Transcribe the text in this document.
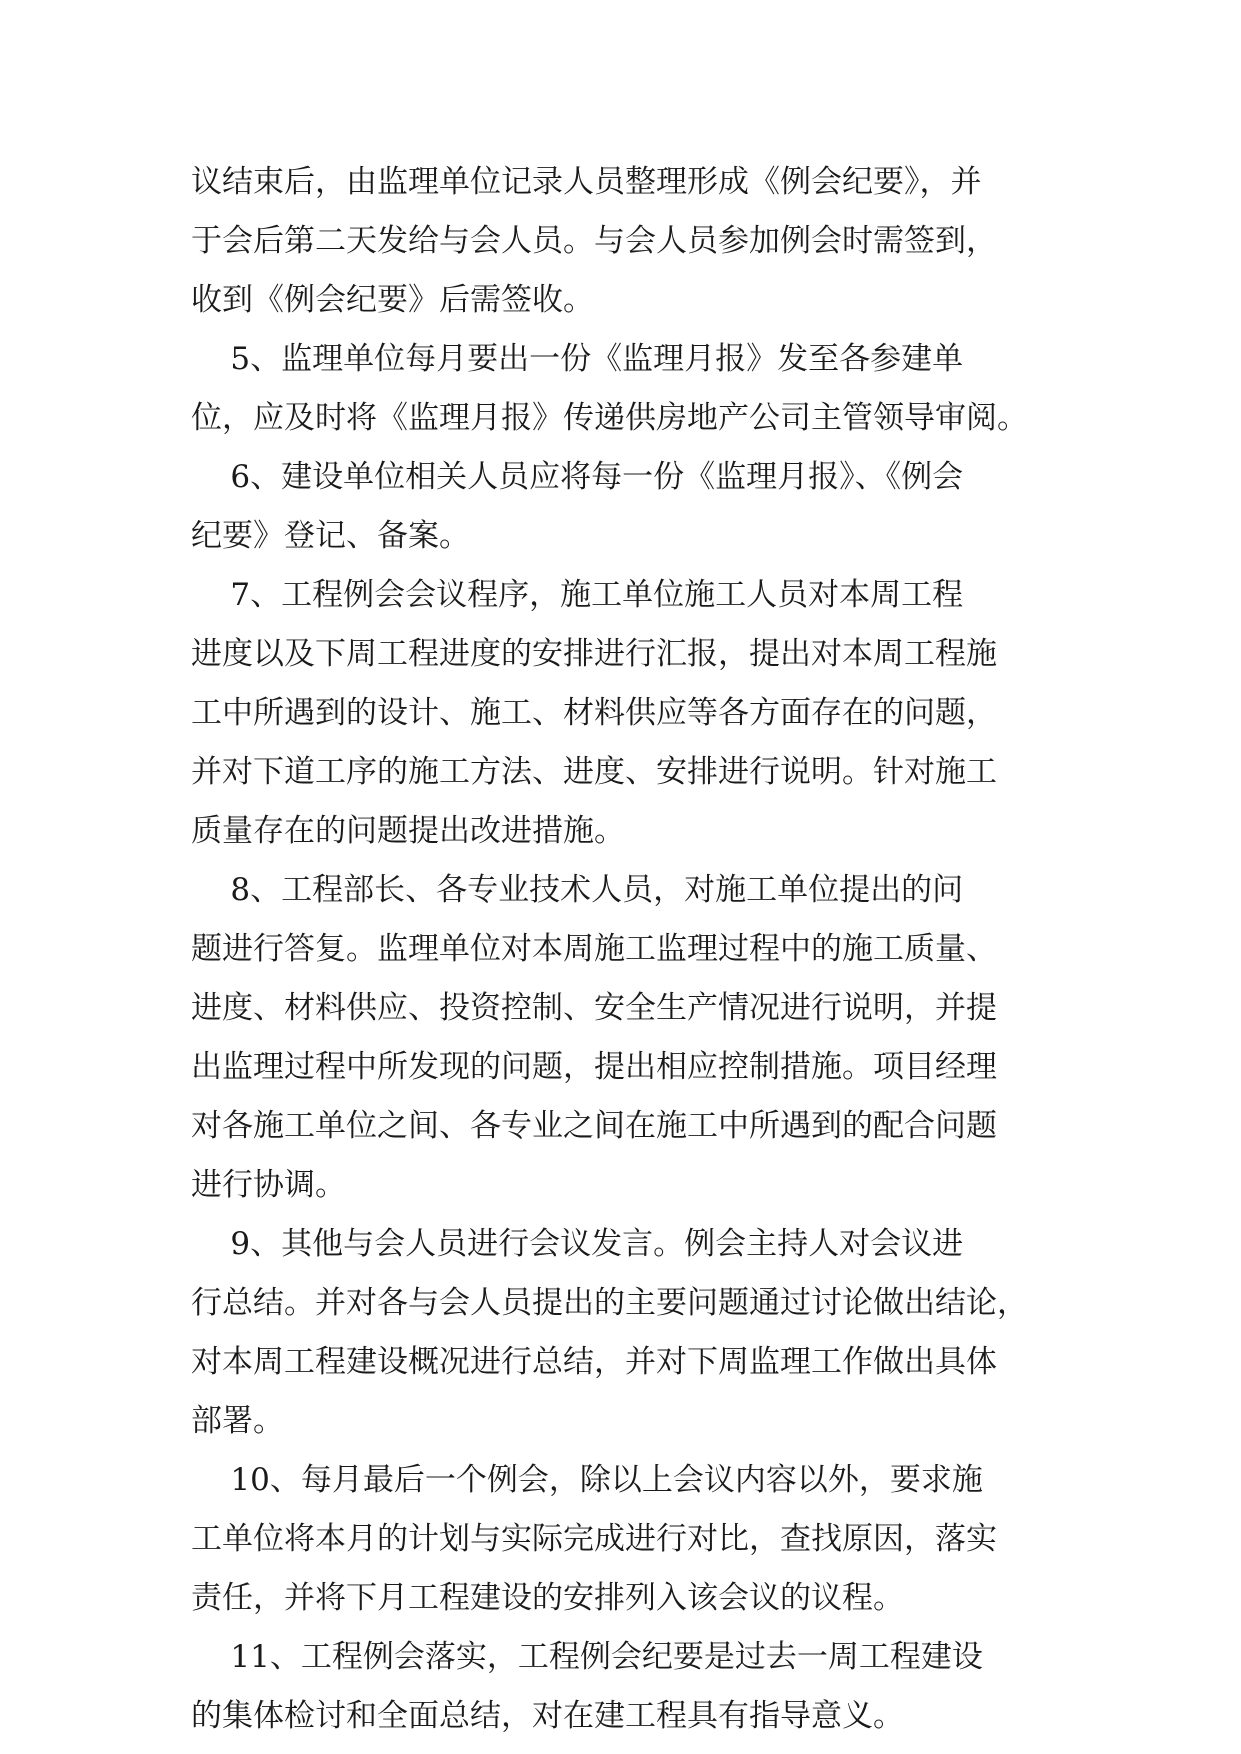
议结束后，由监理单位记录人员整理形成《例会纪要》，并
于会后第二天发给与会人员。与会人员参加例会时需签到，
收到《例会纪要》后需签收。
5、监理单位每月要出一份《监理月报》发至各参建单
位，应及时将《监理月报》传递供房地产公司主管领导审阅。
6、建设单位相关人员应将每一份《监理月报》、《例会
纪要》登记、备案。
7、工程例会会议程序，施工单位施工人员对本周工程
进度以及下周工程进度的安排进行汇报，提出对本周工程施
工中所遇到的设计、施工、材料供应等各方面存在的问题，
并对下道工序的施工方法、进度、安排进行说明。针对施工
质量存在的问题提出改进措施。
8、工程部长、各专业技术人员，对施工单位提出的问
题进行答复。监理单位对本周施工监理过程中的施工质量、
进度、材料供应、投资控制、安全生产情况进行说明，并提
出监理过程中所发现的问题，提出相应控制措施。项目经理
对各施工单位之间、各专业之间在施工中所遇到的配合问题
进行协调。
9、其他与会人员进行会议发言。例会主持人对会议进
行总结。并对各与会人员提出的主要问题通过讨论做出结论，
对本周工程建设概况进行总结，并对下周监理工作做出具体
部署。
10、每月最后一个例会，除以上会议内容以外，要求施
工单位将本月的计划与实际完成进行对比，查找原因，落实
责任，并将下月工程建设的安排列入该会议的议程。
11、工程例会落实，工程例会纪要是过去一周工程建设
的集体检讨和全面总结，对在建工程具有指导意义。
